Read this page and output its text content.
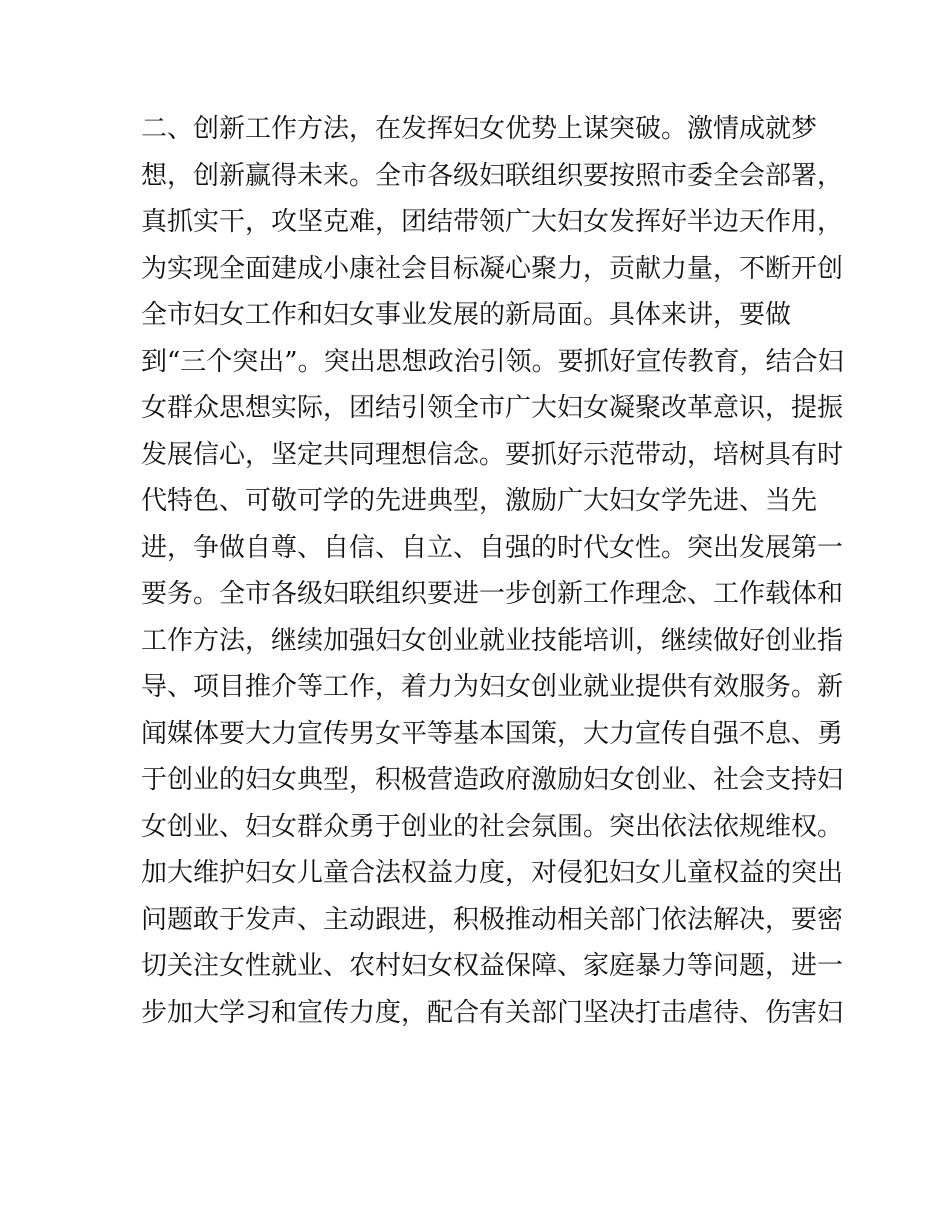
二、创新工作方法，在发挥妇女优势上谋突破。激情成就梦
想，创新赢得未来。全市各级妇联组织要按照市委全会部署，
真抓实干，攻坚克难，团结带领广大妇女发挥好半边天作用，
为实现全面建成小康社会目标凝心聚力，贡献力量，不断开创
全市妇女工作和妇女事业发展的新局面。具体来讲，要做
到“三个突出”。突出思想政治引领。要抓好宣传教育，结合妇
女群众思想实际，团结引领全市广大妇女凝聚改革意识，提振
发展信心，坚定共同理想信念。要抓好示范带动，培树具有时
代特色、可敬可学的先进典型，激励广大妇女学先进、当先
进，争做自尊、自信、自立、自强的时代女性。突出发展第一
要务。全市各级妇联组织要进一步创新工作理念、工作载体和
工作方法，继续加强妇女创业就业技能培训，继续做好创业指
导、项目推介等工作，着力为妇女创业就业提供有效服务。新
闻媒体要大力宣传男女平等基本国策，大力宣传自强不息、勇
于创业的妇女典型，积极营造政府激励妇女创业、社会支持妇
女创业、妇女群众勇于创业的社会氛围。突出依法依规维权。
加大维护妇女儿童合法权益力度，对侵犯妇女儿童权益的突出
问题敢于发声、主动跟进，积极推动相关部门依法解决，要密
切关注女性就业、农村妇女权益保障、家庭暴力等问题，进一
步加大学习和宣传力度，配合有关部门坚决打击虐待、伤害妇
